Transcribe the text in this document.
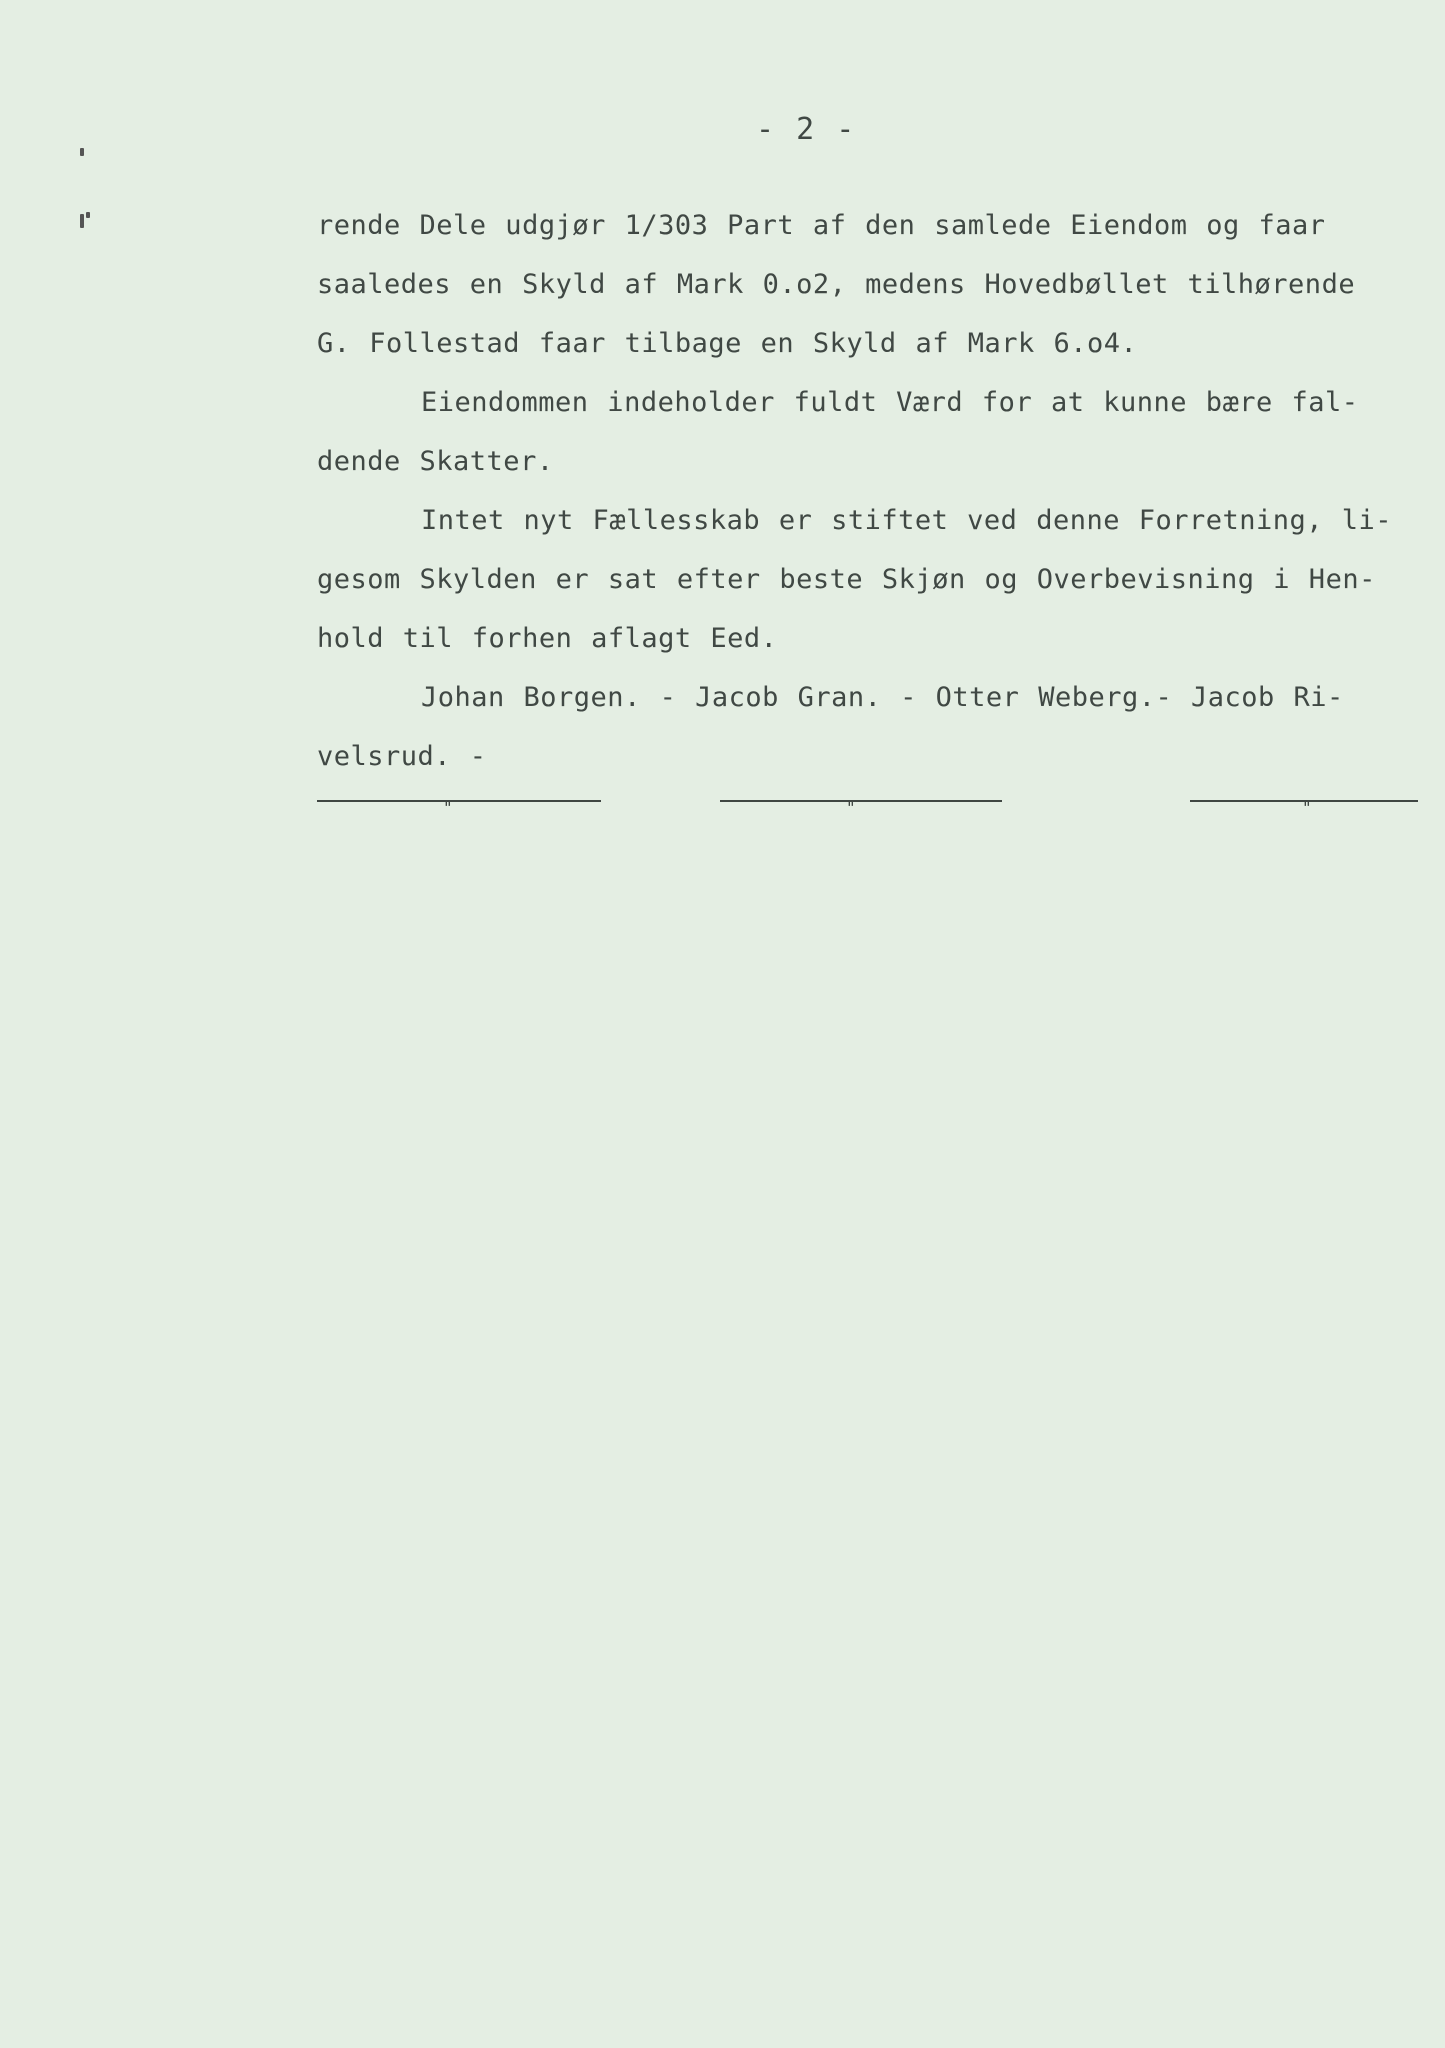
- 2 -
rende Dele udgjør 1/303 Part af den samlede Eiendom og faar
saaledes en Skyld af Mark 0.o2, medens Hovedbøllet tilhørende
G. Follestad faar tilbage en Skyld af Mark 6.o4.
Eiendommen indeholder fuldt Værd for at kunne bære fal-
dende Skatter.
Intet nyt Fællesskab er stiftet ved denne Forretning, li-
gesom Skylden er sat efter beste Skjøn og Overbevisning i Hen-
hold til forhen aflagt Eed.
Johan Borgen. - Jacob Gran. - Otter Weberg.- Jacob Ri-
velsrud. -
"	"	"
